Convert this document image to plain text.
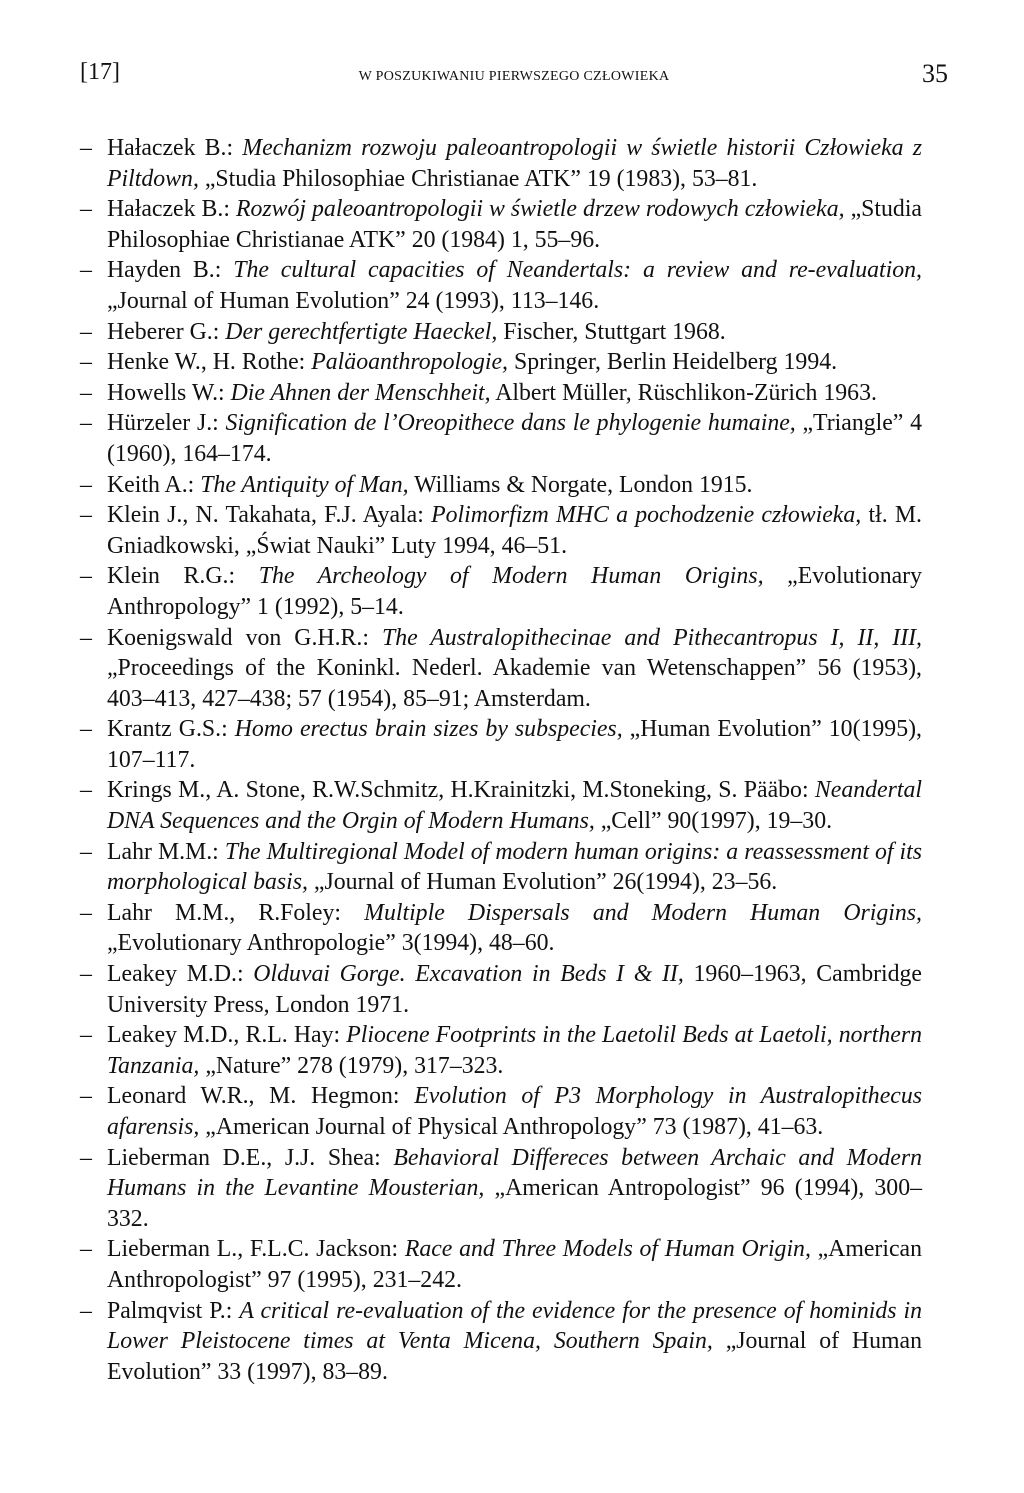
[17]	W POSZUKIWANIU PIERWSZEGO CZŁOWIEKA	35
– Hałaczek B.: Mechanizm rozwoju paleoantropologii w świetle historii Człowieka z Piltdown, „Studia Philosophiae Christianae ATK” 19 (1983), 53–81.
– Hałaczek B.: Rozwój paleoantropologii w świetle drzew rodowych człowieka, „Studia Philosophiae Christianae ATK” 20 (1984) 1, 55–96.
– Hayden B.: The cultural capacities of Neandertals: a review and re-evaluation, „Journal of Human Evolution” 24 (1993), 113–146.
– Heberer G.: Der gerechtfertigte Haeckel, Fischer, Stuttgart 1968.
– Henke W., H. Rothe: Paläoanthropologie, Springer, Berlin Heidelberg 1994.
– Howells W.: Die Ahnen der Menschheit, Albert Müller, Rüschlikon-Zürich 1963.
– Hürzeler J.: Signification de l’Oreopithece dans le phylogenie humaine, „Triangle” 4 (1960), 164–174.
– Keith A.: The Antiquity of Man, Williams & Norgate, London 1915.
– Klein J., N. Takahata, F.J. Ayala: Polimorfizm MHC a pochodzenie człowieka, tł. M. Gniadkowski, „Świat Nauki” Luty 1994, 46–51.
– Klein R.G.: The Archeology of Modern Human Origins, „Evolutionary Anthropology” 1 (1992), 5–14.
– Koenigswald von G.H.R.: The Australopithecinae and Pithecantropus I, II, III, „Proceedings of the Koninkl. Nederl. Akademie van Wetenschappen” 56 (1953), 403–413, 427–438; 57 (1954), 85–91; Amsterdam.
– Krantz G.S.: Homo erectus brain sizes by subspecies, „Human Evolution” 10(1995), 107–117.
– Krings M., A. Stone, R.W.Schmitz, H.Krainitzki, M.Stoneking, S. Pääbo: Neandertal DNA Sequences and the Orgin of Modern Humans, „Cell” 90(1997), 19–30.
– Lahr M.M.: The Multiregional Model of modern human origins: a reassessment of its morphological basis, „Journal of Human Evolution” 26(1994), 23–56.
– Lahr M.M., R.Foley: Multiple Dispersals and Modern Human Origins, „Evolutionary Anthropologie” 3(1994), 48–60.
– Leakey M.D.: Olduvai Gorge. Excavation in Beds I & II, 1960–1963, Cambridge University Press, London 1971.
– Leakey M.D., R.L. Hay: Pliocene Footprints in the Laetolil Beds at Laetoli, northern Tanzania, „Nature” 278 (1979), 317–323.
– Leonard W.R., M. Hegmon: Evolution of P3 Morphology in Australopithecus afarensis, „American Journal of Physical Anthropology” 73 (1987), 41–63.
– Lieberman D.E., J.J. Shea: Behavioral Differeces between Archaic and Modern Humans in the Levantine Mousterian, „American Antropologist” 96 (1994), 300–332.
– Lieberman L., F.L.C. Jackson: Race and Three Models of Human Origin, „American Anthropologist” 97 (1995), 231–242.
– Palmqvist P.: A critical re-evaluation of the evidence for the presence of hominids in Lower Pleistocene times at Venta Micena, Southern Spain, „Journal of Human Evolution” 33 (1997), 83–89.
